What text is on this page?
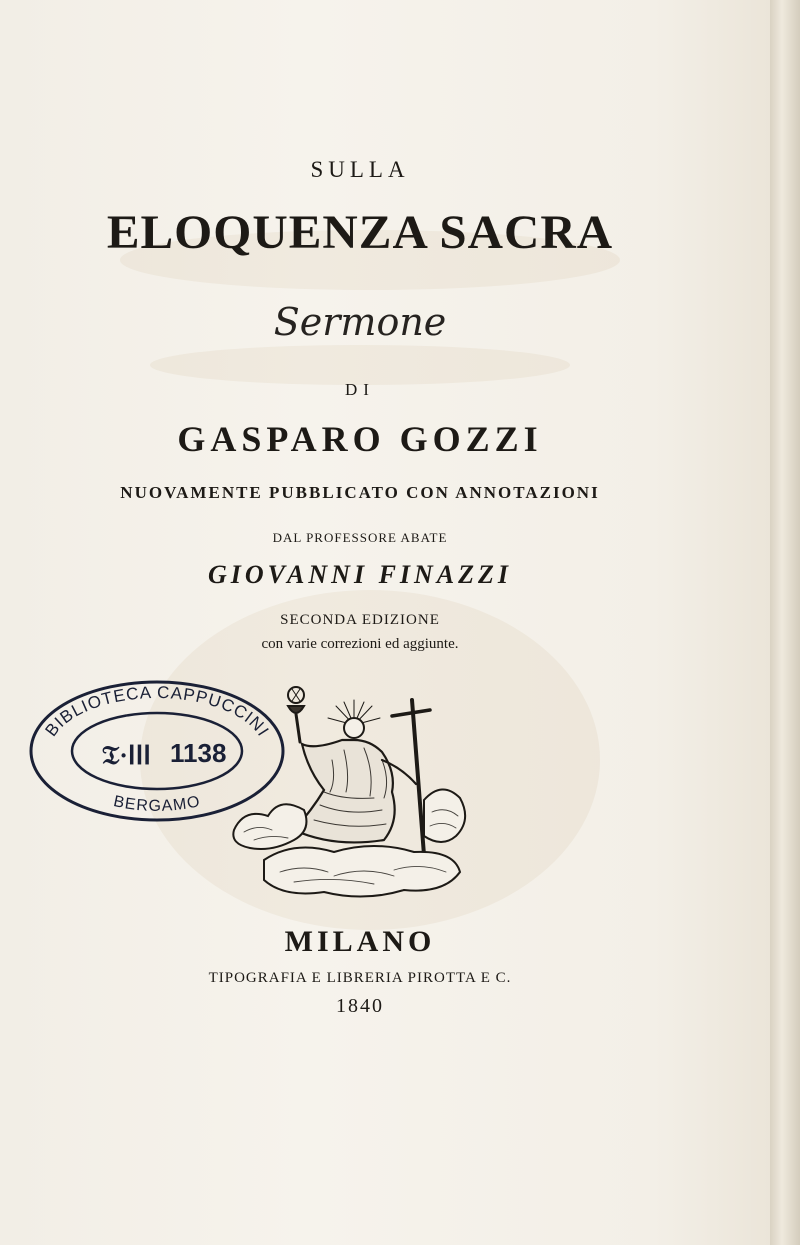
SULLA
ELOQUENZA SACRA
Sermone
DI
GASPARO GOZZI
NUOVAMENTE PUBBLICATO CON ANNOTAZIONI
DAL PROFESSORE ABATE
GIOVANNI FINAZZI
SECONDA EDIZIONE
con varie correzioni ed aggiunte.
BIBLIOTECA CAPPUCCINI
BERGAMO
𝔗·ⅠⅠⅠ 1138
MILANO
TIPOGRAFIA E LIBRERIA PIROTTA E C.
1840
